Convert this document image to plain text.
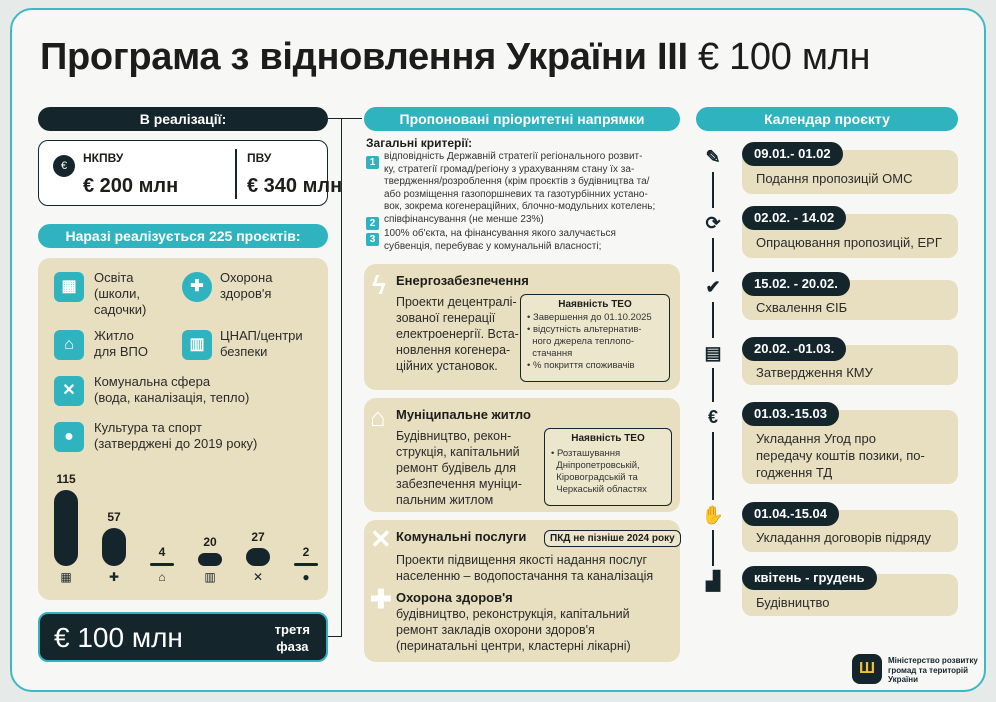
Програма з відновлення України III € 100 млн
В реалізації:
€
НКПВУ
€ 200 млн
ПВУ
€ 340 млн
Наразі реалізується 225 проєктів:
▦
Освіта
(школи,
садочки)
✚
Охорона
здоров'я
⌂
Житло
для ВПО	▥
ЦНАП/центри
безпеки
✕
Комунальна сфера
(вода, каналізація, тепло)
●
Культура та спорт
(затверджені до 2019 року)
115
▦
57
✚
4
⌂
20
▥
27
✕
2
●
€ 100 млн	третя
фаза
Пропоновані пріоритетні напрямки
Загальні критерії:
1
відповідність Державній стратегії регіонального розвит-
ку, стратегії громад/регіону з урахуванням стану їх за-
твердження/розроблення (крім проєктів з будівництва та/
або розміщення газопоршневих та газотурбінних устано-
вок, зокрема когенераційних, блочно-модульних котелень;
2 співфінансування (не менше 23%)
3
100% об'єкта, на фінансування якого залучається
субвенція, перебуває у комунальній власності;
ϟ Енергозабезпечення
Проекти децентралі-
зованої генерації
електроенергії. Вста-
новлення когенера-
ційних установок.
Наявність ТЕО
• Завершення до 01.10.2025
• відсутність альтернатив-
ного джерела теплопо-
стачання
• % покриття споживачів
⌂ Муніципальне житло
Будівництво, рекон-
струкція, капітальний
ремонт будівель для
забезпечення муніци-
пальним житлом
Наявність ТЕО
• Розташування
Дніпропетровській,
Кіровоградській та
Черкаській областях
✕ Комунальні послуги
Проекти підвищення якості надання послуг
населенню – водопостачання та каналізація
✚ Охорона здоров'я
будівництво, реконструкція, капітальний
ремонт закладів охорони здоров'я
(перинатальні центри, кластерні лікарні)
ПКД не пізніше 2024 року
Календар проєкту
✎	09.01.- 01.02
Подання пропозицій ОМС
⟳	02.02. - 14.02
Опрацювання пропозицій, ЕРГ
✔	15.02. - 20.02.
Схвалення ЄІБ
▤	20.02. -01.03.
Затвердження КМУ
€	01.03.-15.03
Укладання Угод про
передачу коштів позики, по-
годження ТД
✋	01.04.-15.04
Укладання договорів підряду
▟	квітень - грудень
Будівництво
Ш	Міністерство розвитку
громад та територій
України
